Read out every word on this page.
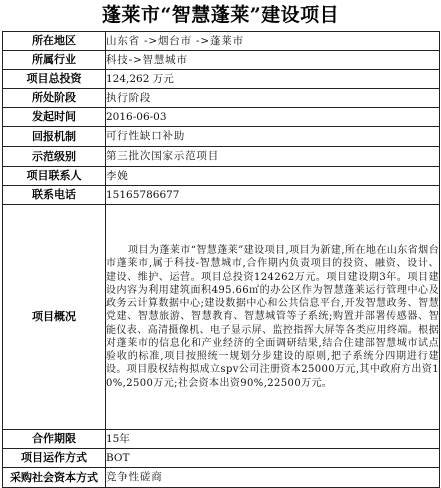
蓬莱市“智慧蓬莱”建设项目
所在地区	山东省 ->烟台市 ->蓬莱市
所属行业	科技->智慧城市
项目总投资	124,262 万元
所处阶段	执行阶段
发起时间	2016-06-03
回报机制	可行性缺口补助
示范级别	第三批次国家示范项目
项目联系人	李娩
联系电话	15165786677
项目概况	项目为蓬莱市“智慧蓬莱”建设项目,项目为新建,所在地在山东省烟台市蓬莱市,属于科技-智慧城市,合作期内负责项目的投资、融资、设计、建设、维护、运营。项目总投资124262万元。项目建设期3年。项目建设内容为利用建筑面积495.66㎡的办公区作为智慧蓬莱运行管理中心及政务云计算数据中心;建设数据中心和公共信息平台,开发智慧政务、智慧党建、智慧旅游、智慧教育、智慧城管等子系统;购置并部署传感器、智能仪表、高清摄像机、电子显示屏、监控指挥大屏等各类应用终端。根据对蓬莱市的信息化和产业经济的全面调研结果,结合住建部智慧城市试点验收的标准,项目按照统一规划分步建设的原则,把子系统分四期进行建设。项目股权结构拟成立spv公司注册资本25000万元,其中政府方出资10%,2500万元;社会资本出资90%,22500万元。
合作期限	15年
项目运作方式	BOT
采购社会资本方式	竞争性磋商
